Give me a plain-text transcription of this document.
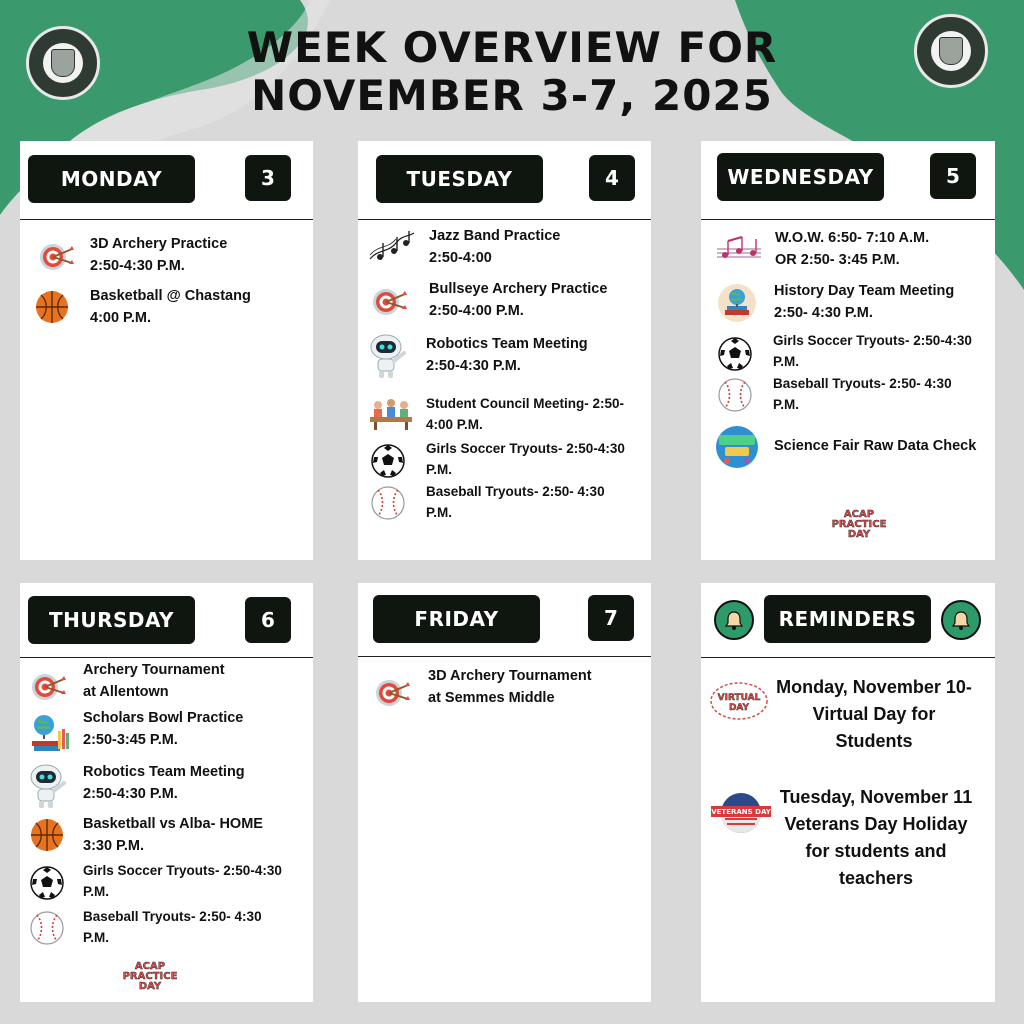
WEEK OVERVIEW FOR
NOVEMBER 3-7, 2025
MONDAY	3
3D Archery Practice
2:50-4:30 P.M.
Basketball @ Chastang
4:00 P.M.
TUESDAY	4
Jazz Band Practice
2:50-4:00
Bullseye Archery Practice
2:50-4:00 P.M.
Robotics Team Meeting
2:50-4:30 P.M.
Student Council Meeting- 2:50-
4:00 P.M.
Girls Soccer Tryouts- 2:50-4:30
P.M.
Baseball Tryouts- 2:50- 4:30
P.M.
WEDNESDAY	5
W.O.W. 6:50- 7:10 A.M.
OR 2:50- 3:45 P.M.
History Day Team Meeting
2:50- 4:30 P.M.
Girls Soccer Tryouts- 2:50-4:30
P.M.
Baseball Tryouts- 2:50- 4:30
P.M.
Science Fair Raw Data Check
ACAP PRACTICE DAY
THURSDAY	6
Archery Tournament
at Allentown
Scholars Bowl Practice
2:50-3:45 P.M.
Robotics Team Meeting
2:50-4:30 P.M.
Basketball vs Alba- HOME
3:30 P.M.
Girls Soccer Tryouts- 2:50-4:30
P.M.
Baseball Tryouts- 2:50- 4:30
P.M.
ACAP PRACTICE DAY
FRIDAY	7
3D Archery Tournament
at Semmes Middle
REMINDERS
VIRTUAL DAY
Monday, November 10-
Virtual Day for
Students
VETERANS DAY
Tuesday, November 11
Veterans Day Holiday
for students and
teachers
